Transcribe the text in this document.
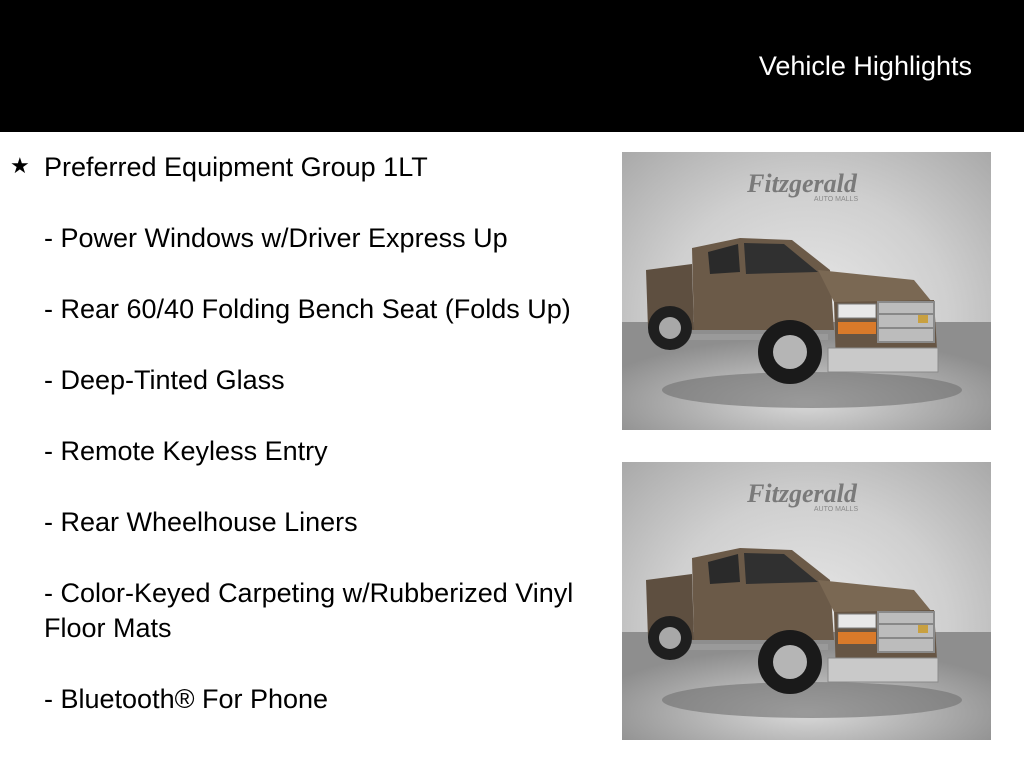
Vehicle Highlights
★ Preferred Equipment Group 1LT
- Power Windows w/Driver Express Up
- Rear 60/40 Folding Bench Seat (Folds Up)
- Deep-Tinted Glass
- Remote Keyless Entry
- Rear Wheelhouse Liners
- Color-Keyed Carpeting w/Rubberized Vinyl Floor Mats
- Bluetooth® For Phone
Fitzgerald
AUTO MALLS
Fitzgerald
AUTO MALLS
